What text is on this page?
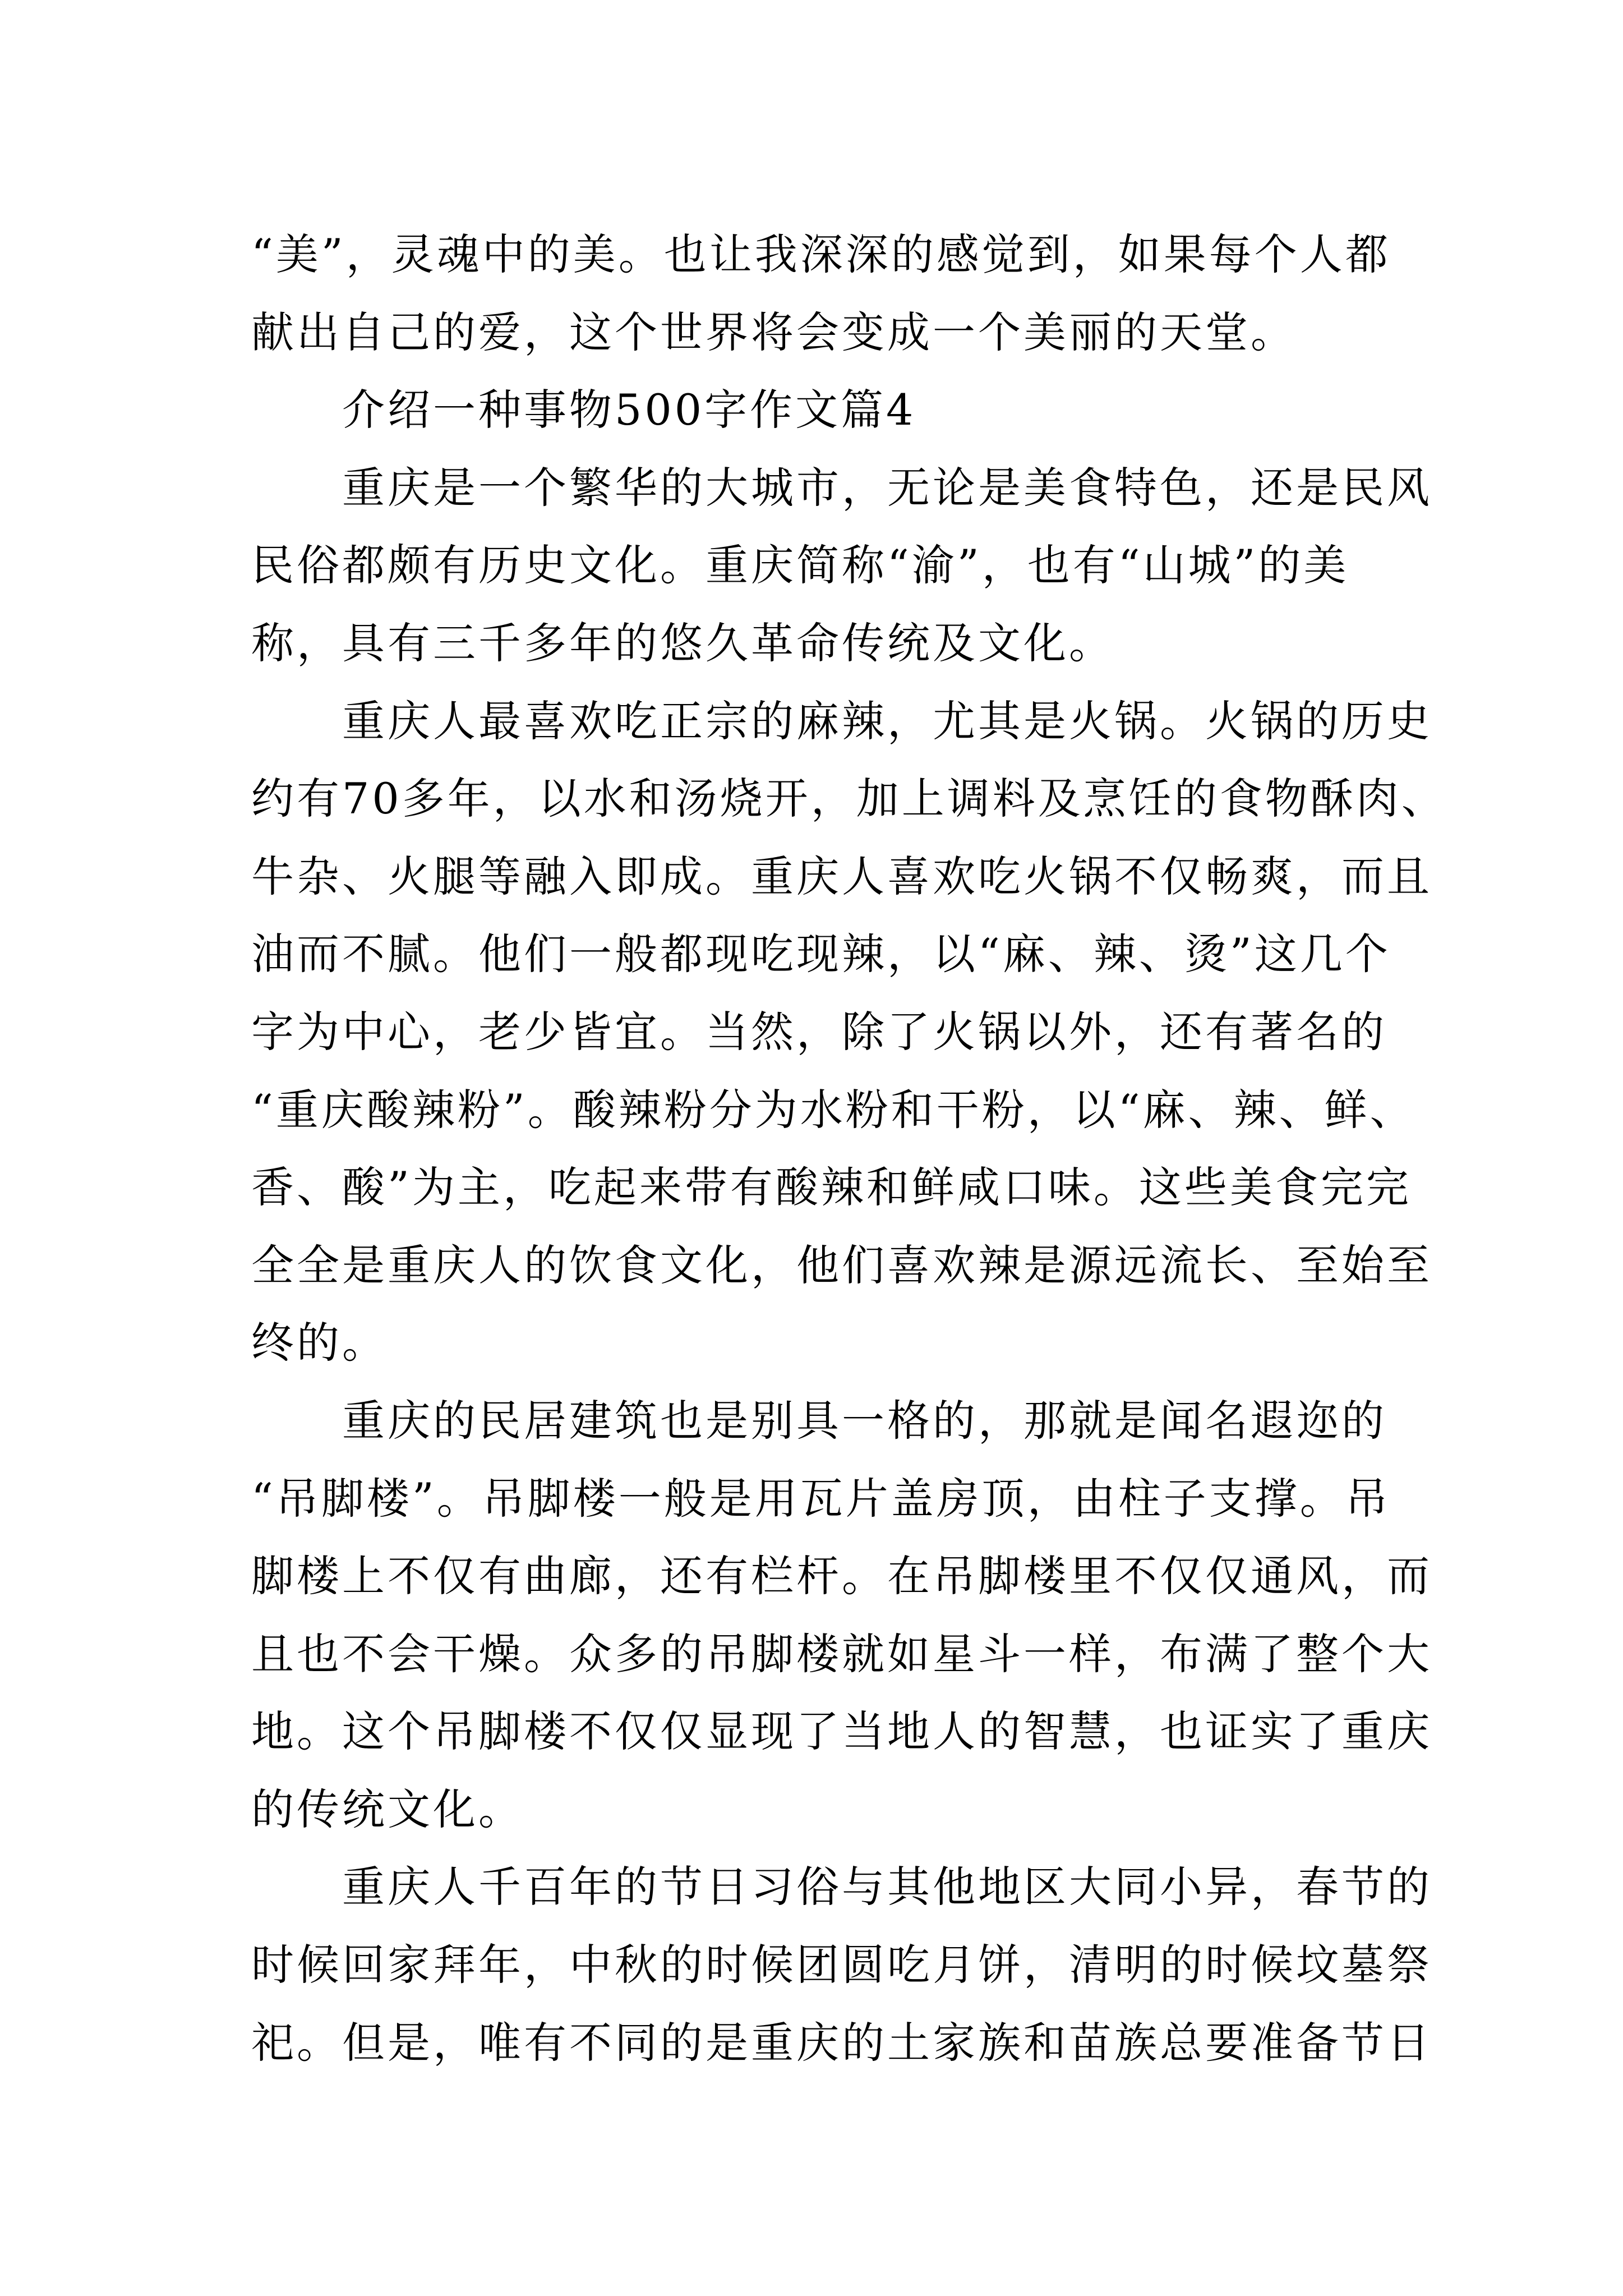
“美”，灵魂中的美。也让我深深的感觉到，如果每个人都
献出自己的爱，这个世界将会变成一个美丽的天堂。
介绍一种事物500字作文篇4
重庆是一个繁华的大城市，无论是美食特色，还是民风
民俗都颇有历史文化。重庆简称“渝”，也有“山城”的美
称，具有三千多年的悠久革命传统及文化。
重庆人最喜欢吃正宗的麻辣，尤其是火锅。火锅的历史
约有70多年，以水和汤烧开，加上调料及烹饪的食物酥肉、
牛杂、火腿等融入即成。重庆人喜欢吃火锅不仅畅爽，而且
油而不腻。他们一般都现吃现辣，以“麻、辣、烫”这几个
字为中心，老少皆宜。当然，除了火锅以外，还有著名的
“重庆酸辣粉”。酸辣粉分为水粉和干粉，以“麻、辣、鲜、
香、酸”为主，吃起来带有酸辣和鲜咸口味。这些美食完完
全全是重庆人的饮食文化，他们喜欢辣是源远流长、至始至
终的。
重庆的民居建筑也是别具一格的，那就是闻名遐迩的
“吊脚楼”。吊脚楼一般是用瓦片盖房顶，由柱子支撑。吊
脚楼上不仅有曲廊，还有栏杆。在吊脚楼里不仅仅通风，而
且也不会干燥。众多的吊脚楼就如星斗一样，布满了整个大
地。这个吊脚楼不仅仅显现了当地人的智慧，也证实了重庆
的传统文化。
重庆人千百年的节日习俗与其他地区大同小异，春节的
时候回家拜年，中秋的时候团圆吃月饼，清明的时候坟墓祭
祀。但是，唯有不同的是重庆的土家族和苗族总要准备节日
